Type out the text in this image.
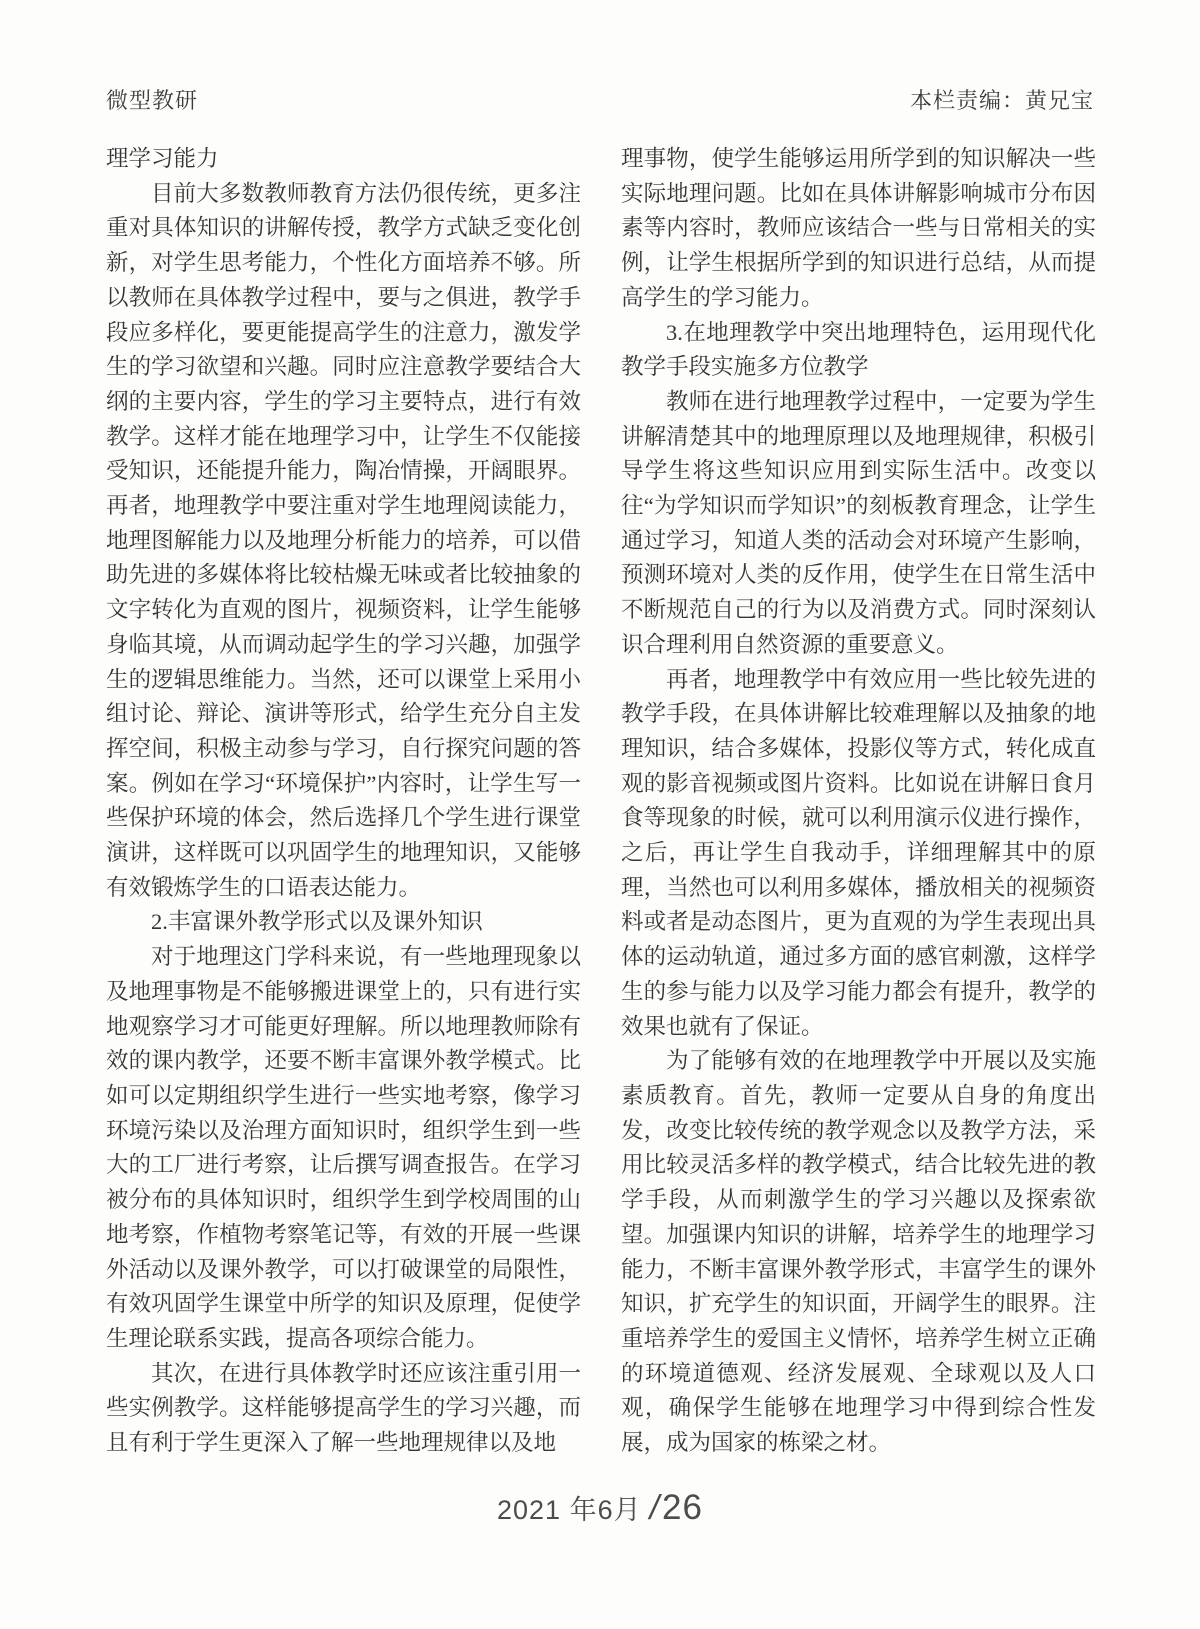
微型教研	本栏责编：黄兄宝

理学习能力

目前大多数教师教育方法仍很传统，更多注重对具体知识的讲解传授，教学方式缺乏变化创新，对学生思考能力，个性化方面培养不够。所以教师在具体教学过程中，要与之俱进，教学手段应多样化，要更能提高学生的注意力，激发学生的学习欲望和兴趣。同时应注意教学要结合大纲的主要内容，学生的学习主要特点，进行有效教学。这样才能在地理学习中，让学生不仅能接受知识，还能提升能力，陶冶情操，开阔眼界。再者，地理教学中要注重对学生地理阅读能力，地理图解能力以及地理分析能力的培养，可以借助先进的多媒体将比较枯燥无味或者比较抽象的文字转化为直观的图片，视频资料，让学生能够身临其境，从而调动起学生的学习兴趣，加强学生的逻辑思维能力。当然，还可以课堂上采用小组讨论、辩论、演讲等形式，给学生充分自主发挥空间，积极主动参与学习，自行探究问题的答案。例如在学习“环境保护”内容时，让学生写一些保护环境的体会，然后选择几个学生进行课堂演讲，这样既可以巩固学生的地理知识，又能够有效锻炼学生的口语表达能力。

2.丰富课外教学形式以及课外知识

对于地理这门学科来说，有一些地理现象以及地理事物是不能够搬进课堂上的，只有进行实地观察学习才可能更好理解。所以地理教师除有效的课内教学，还要不断丰富课外教学模式。比如可以定期组织学生进行一些实地考察，像学习环境污染以及治理方面知识时，组织学生到一些大的工厂进行考察，让后撰写调查报告。在学习被分布的具体知识时，组织学生到学校周围的山地考察，作植物考察笔记等，有效的开展一些课外活动以及课外教学，可以打破课堂的局限性，有效巩固学生课堂中所学的知识及原理，促使学生理论联系实践，提高各项综合能力。

其次，在进行具体教学时还应该注重引用一些实例教学。这样能够提高学生的学习兴趣，而且有利于学生更深入了解一些地理规律以及地

理事物，使学生能够运用所学到的知识解决一些实际地理问题。比如在具体讲解影响城市分布因素等内容时，教师应该结合一些与日常相关的实例，让学生根据所学到的知识进行总结，从而提高学生的学习能力。

3.在地理教学中突出地理特色，运用现代化教学手段实施多方位教学

教师在进行地理教学过程中，一定要为学生讲解清楚其中的地理原理以及地理规律，积极引导学生将这些知识应用到实际生活中。改变以往“为学知识而学知识”的刻板教育理念，让学生通过学习，知道人类的活动会对环境产生影响，预测环境对人类的反作用，使学生在日常生活中不断规范自己的行为以及消费方式。同时深刻认识合理利用自然资源的重要意义。

再者，地理教学中有效应用一些比较先进的教学手段，在具体讲解比较难理解以及抽象的地理知识，结合多媒体，投影仪等方式，转化成直观的影音视频或图片资料。比如说在讲解日食月食等现象的时候，就可以利用演示仪进行操作，之后，再让学生自我动手，详细理解其中的原理，当然也可以利用多媒体，播放相关的视频资料或者是动态图片，更为直观的为学生表现出具体的运动轨道，通过多方面的感官刺激，这样学生的参与能力以及学习能力都会有提升，教学的效果也就有了保证。

为了能够有效的在地理教学中开展以及实施素质教育。首先，教师一定要从自身的角度出发，改变比较传统的教学观念以及教学方法，采用比较灵活多样的教学模式，结合比较先进的教学手段，从而刺激学生的学习兴趣以及探索欲望。加强课内知识的讲解，培养学生的地理学习能力，不断丰富课外教学形式，丰富学生的课外知识，扩充学生的知识面，开阔学生的眼界。注重培养学生的爱国主义情怀，培养学生树立正确的环境道德观、经济发展观、全球观以及人口观，确保学生能够在地理学习中得到综合性发展，成为国家的栋梁之材。

2021 年6月 /26
